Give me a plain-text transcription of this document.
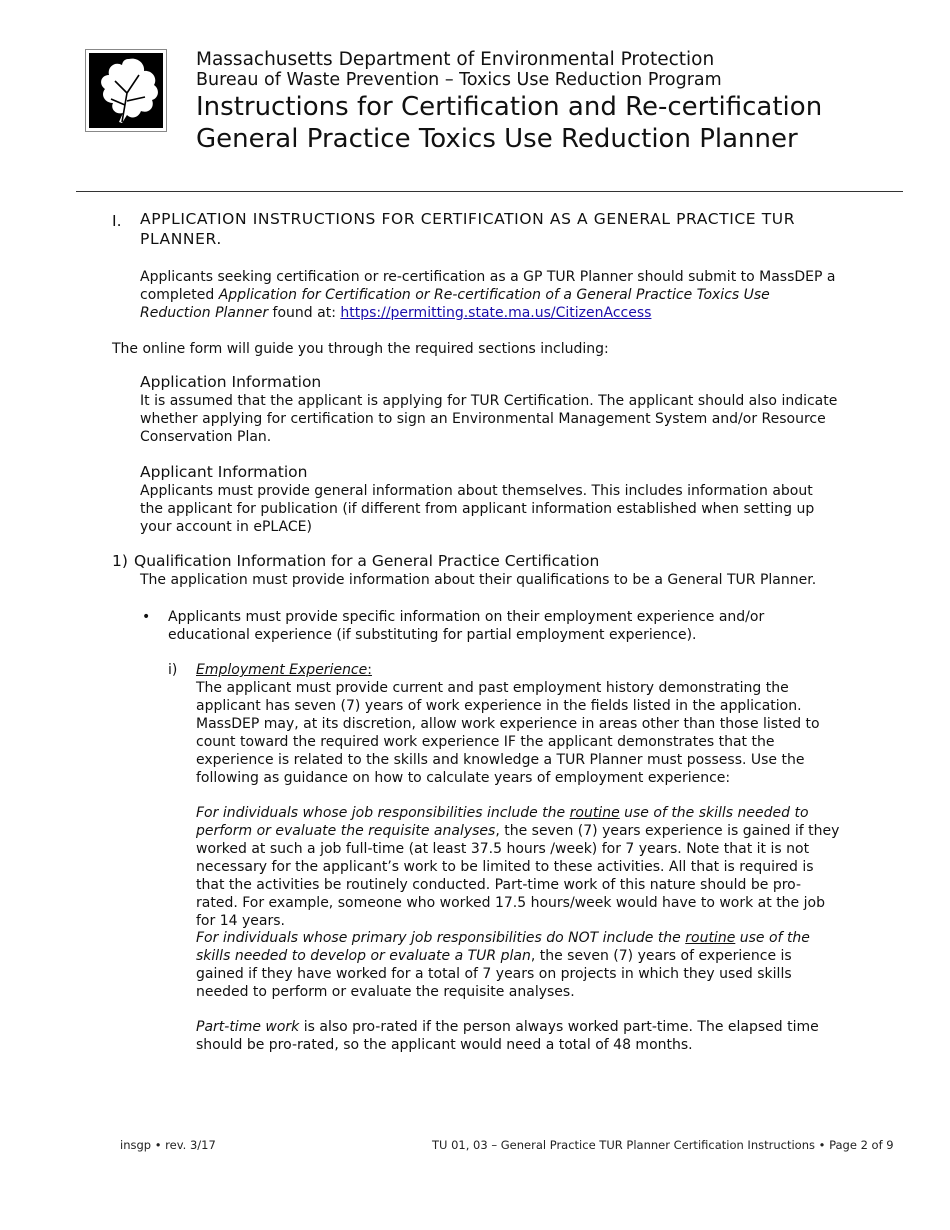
Massachusetts Department of Environmental Protection
Bureau of Waste Prevention – Toxics Use Reduction Program
Instructions for Certification and Re-certification
General Practice Toxics Use Reduction Planner
I. APPLICATION INSTRUCTIONS FOR CERTIFICATION AS A GENERAL PRACTICE TUR PLANNER.
Applicants seeking certification or re-certification as a GP TUR Planner should submit to MassDEP a completed Application for Certification or Re-certification of a General Practice Toxics Use Reduction Planner found at: https://permitting.state.ma.us/CitizenAccess
The online form will guide you through the required sections including:
Application Information
It is assumed that the applicant is applying for TUR Certification. The applicant should also indicate whether applying for certification to sign an Environmental Management System and/or Resource Conservation Plan.
Applicant Information
Applicants must provide general information about themselves. This includes information about the applicant for publication (if different from applicant information established when setting up your account in ePLACE)
1) Qualification Information for a General Practice Certification
The application must provide information about their qualifications to be a General TUR Planner.
• Applicants must provide specific information on their employment experience and/or educational experience (if substituting for partial employment experience).
i) Employment Experience:
The applicant must provide current and past employment history demonstrating the applicant has seven (7) years of work experience in the fields listed in the application. MassDEP may, at its discretion, allow work experience in areas other than those listed to count toward the required work experience IF the applicant demonstrates that the experience is related to the skills and knowledge a TUR Planner must possess. Use the following as guidance on how to calculate years of employment experience:
For individuals whose job responsibilities include the routine use of the skills needed to perform or evaluate the requisite analyses, the seven (7) years experience is gained if they worked at such a job full-time (at least 37.5 hours /week) for 7 years. Note that it is not necessary for the applicant’s work to be limited to these activities. All that is required is that the activities be routinely conducted. Part-time work of this nature should be pro-rated. For example, someone who worked 17.5 hours/week would have to work at the job for 14 years.
For individuals whose primary job responsibilities do NOT include the routine use of the skills needed to develop or evaluate a TUR plan, the seven (7) years of experience is gained if they have worked for a total of 7 years on projects in which they used skills needed to perform or evaluate the requisite analyses.
Part-time work is also pro-rated if the person always worked part-time. The elapsed time should be pro-rated, so the applicant would need a total of 48 months.
insgp • rev. 3/17	TU 01, 03 – General Practice TUR Planner Certification Instructions • Page 2 of 9
